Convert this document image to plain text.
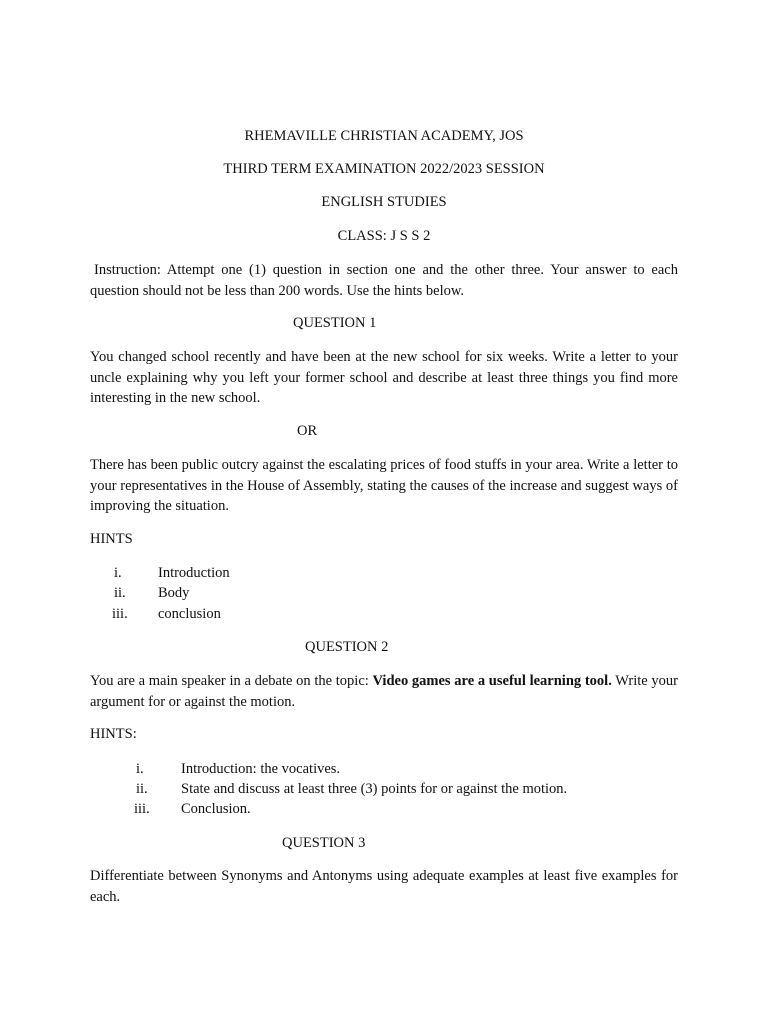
RHEMAVILLE CHRISTIAN ACADEMY, JOS
THIRD TERM EXAMINATION 2022/2023 SESSION
ENGLISH STUDIES
CLASS: J S S 2
Instruction: Attempt one (1) question in section one and the other three. Your answer to each question should not be less than 200 words. Use the hints below.
QUESTION 1
You changed school recently and have been at the new school for six weeks. Write a letter to your uncle explaining why you left your former school and describe at least three things you find more interesting in the new school.
OR
There has been public outcry against the escalating prices of food stuffs in your area. Write a letter to your representatives in the House of Assembly, stating the causes of the increase and suggest ways of improving the situation.
HINTS
i.	Introduction
ii. Body
iii. conclusion
QUESTION 2
You are a main speaker in a debate on the topic: Video games are a useful learning tool. Write your argument for or against the motion.
HINTS:
i.	Introduction: the vocatives.
ii. State and discuss at least three (3) points for or against the motion.
iii. Conclusion.
QUESTION 3
Differentiate between Synonyms and Antonyms using adequate examples at least five examples for each.
